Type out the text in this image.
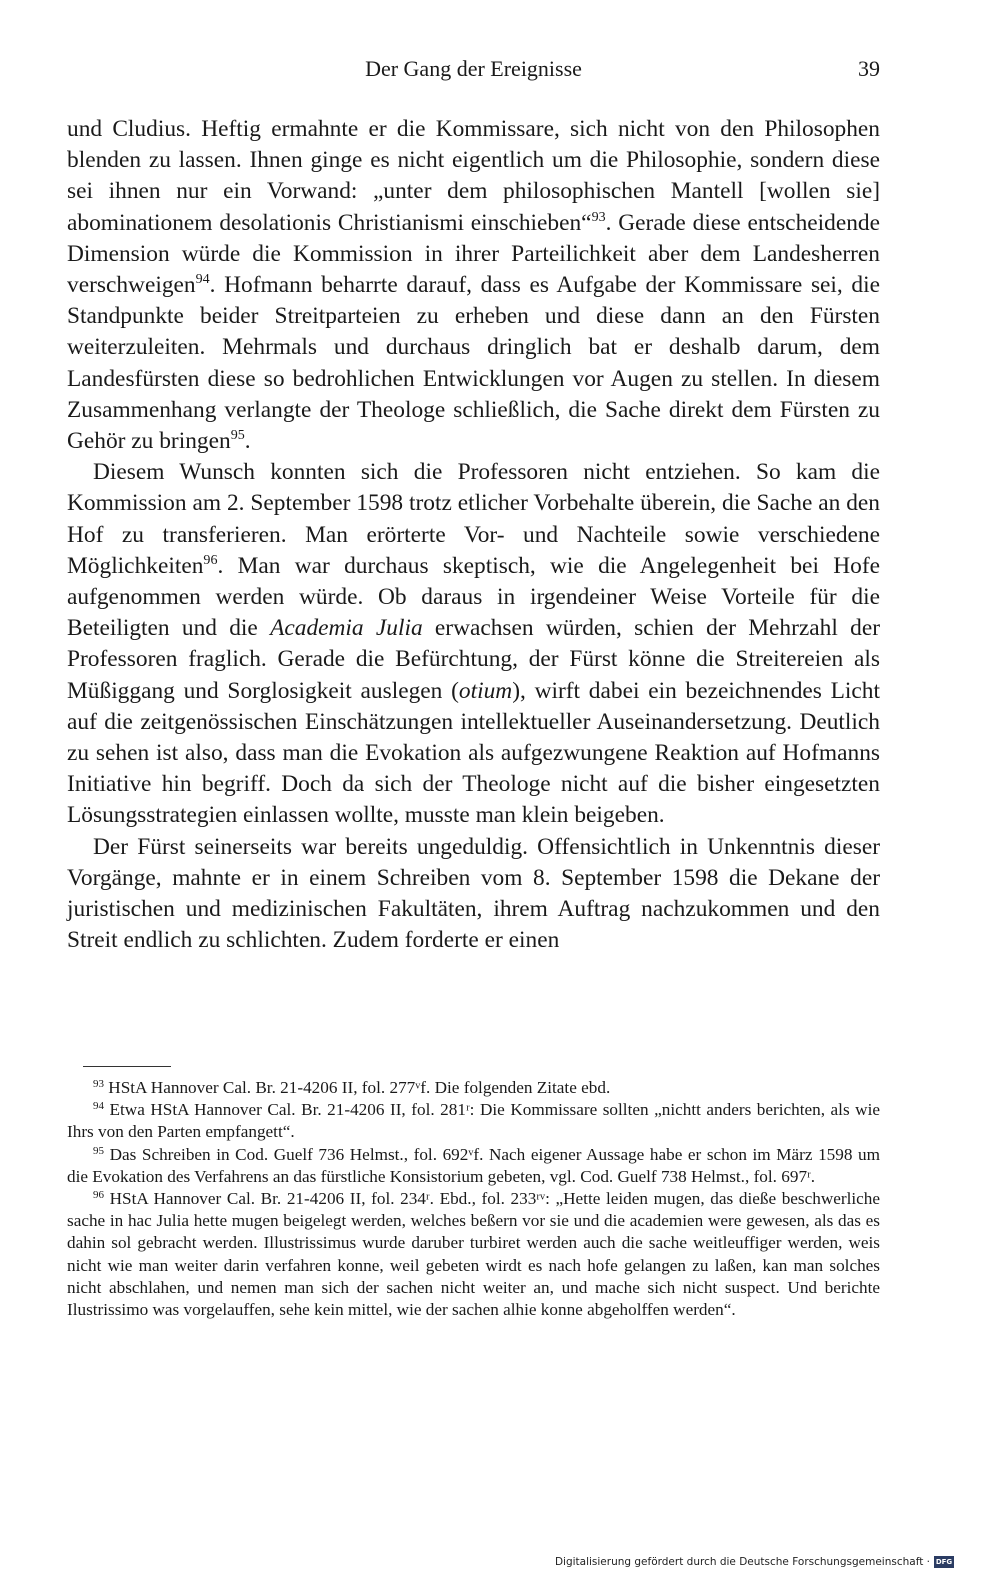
Der Gang der Ereignisse	39

und Cludius. Heftig ermahnte er die Kommissare, sich nicht von den Philosophen blenden zu lassen. Ihnen ginge es nicht eigentlich um die Philosophie, sondern diese sei ihnen nur ein Vorwand: „unter dem philosophischen Mantell [wollen sie] abominationem desolationis Christianismi einschieben“$^{93}$. Gerade diese entscheidende Dimension würde die Kommission in ihrer Parteilichkeit aber dem Landesherren verschweigen$^{94}$. Hofmann beharrte darauf, dass es Aufgabe der Kommissare sei, die Standpunkte beider Streitparteien zu erheben und diese dann an den Fürsten weiterzuleiten. Mehrmals und durchaus dringlich bat er deshalb darum, dem Landesfürsten diese so bedrohlichen Entwicklungen vor Augen zu stellen. In diesem Zusammenhang verlangte der Theologe schließlich, die Sache direkt dem Fürsten zu Gehör zu bringen$^{95}$.

Diesem Wunsch konnten sich die Professoren nicht entziehen. So kam die Kommission am 2. September 1598 trotz etlicher Vorbehalte überein, die Sache an den Hof zu transferieren. Man erörterte Vor- und Nachteile sowie verschiedene Möglichkeiten$^{96}$. Man war durchaus skeptisch, wie die Angelegenheit bei Hofe aufgenommen werden würde. Ob daraus in irgendeiner Weise Vorteile für die Beteiligten und die Academia Julia erwachsen würden, schien der Mehrzahl der Professoren fraglich. Gerade die Befürchtung, der Fürst könne die Streitereien als Müßiggang und Sorglosigkeit auslegen (otium), wirft dabei ein bezeichnendes Licht auf die zeitgenössischen Einschätzungen intellektueller Auseinandersetzung. Deutlich zu sehen ist also, dass man die Evokation als aufgezwungene Reaktion auf Hofmanns Initiative hin begriff. Doch da sich der Theologe nicht auf die bisher eingesetzten Lösungsstrategien einlassen wollte, musste man klein beigeben.

Der Fürst seinerseits war bereits ungeduldig. Offensichtlich in Unkenntnis dieser Vorgänge, mahnte er in einem Schreiben vom 8. September 1598 die Dekane der juristischen und medizinischen Fakultäten, ihrem Auftrag nachzukommen und den Streit endlich zu schlichten. Zudem forderte er einen

$^{93}$ HStA Hannover Cal. Br. 21-4206 II, fol. 277ᵛf. Die folgenden Zitate ebd.

$^{94}$ Etwa HStA Hannover Cal. Br. 21-4206 II, fol. 281ʳ: Die Kommissare sollten „nichtt anders berichten, als wie Ihrs von den Parten empfangett“.

$^{95}$ Das Schreiben in Cod. Guelf 736 Helmst., fol. 692ᵛf. Nach eigener Aussage habe er schon im März 1598 um die Evokation des Verfahrens an das fürstliche Konsistorium gebeten, vgl. Cod. Guelf 738 Helmst., fol. 697ʳ.

$^{96}$ HStA Hannover Cal. Br. 21-4206 II, fol. 234ʳ. Ebd., fol. 233ʳᵛ: „Hette leiden mugen, das dieße beschwerliche sache in hac Julia hette mugen beigelegt werden, welches beßern vor sie und die academien were gewesen, als das es dahin sol gebracht werden. Illustrissimus wurde daruber turbiret werden auch die sache weitleuffiger werden, weis nicht wie man weiter darin verfahren konne, weil gebeten wirdt es nach hofe gelangen zu laßen, kan man solches nicht abschlahen, und nemen man sich der sachen nicht weiter an, und mache sich nicht suspect. Und berichte Ilustrissimo was vorgelauffen, sehe kein mittel, wie der sachen alhie konne abgeholffen werden“.

Digitalisierung gefördert durch die Deutsche Forschungsgemeinschaft · DFG
